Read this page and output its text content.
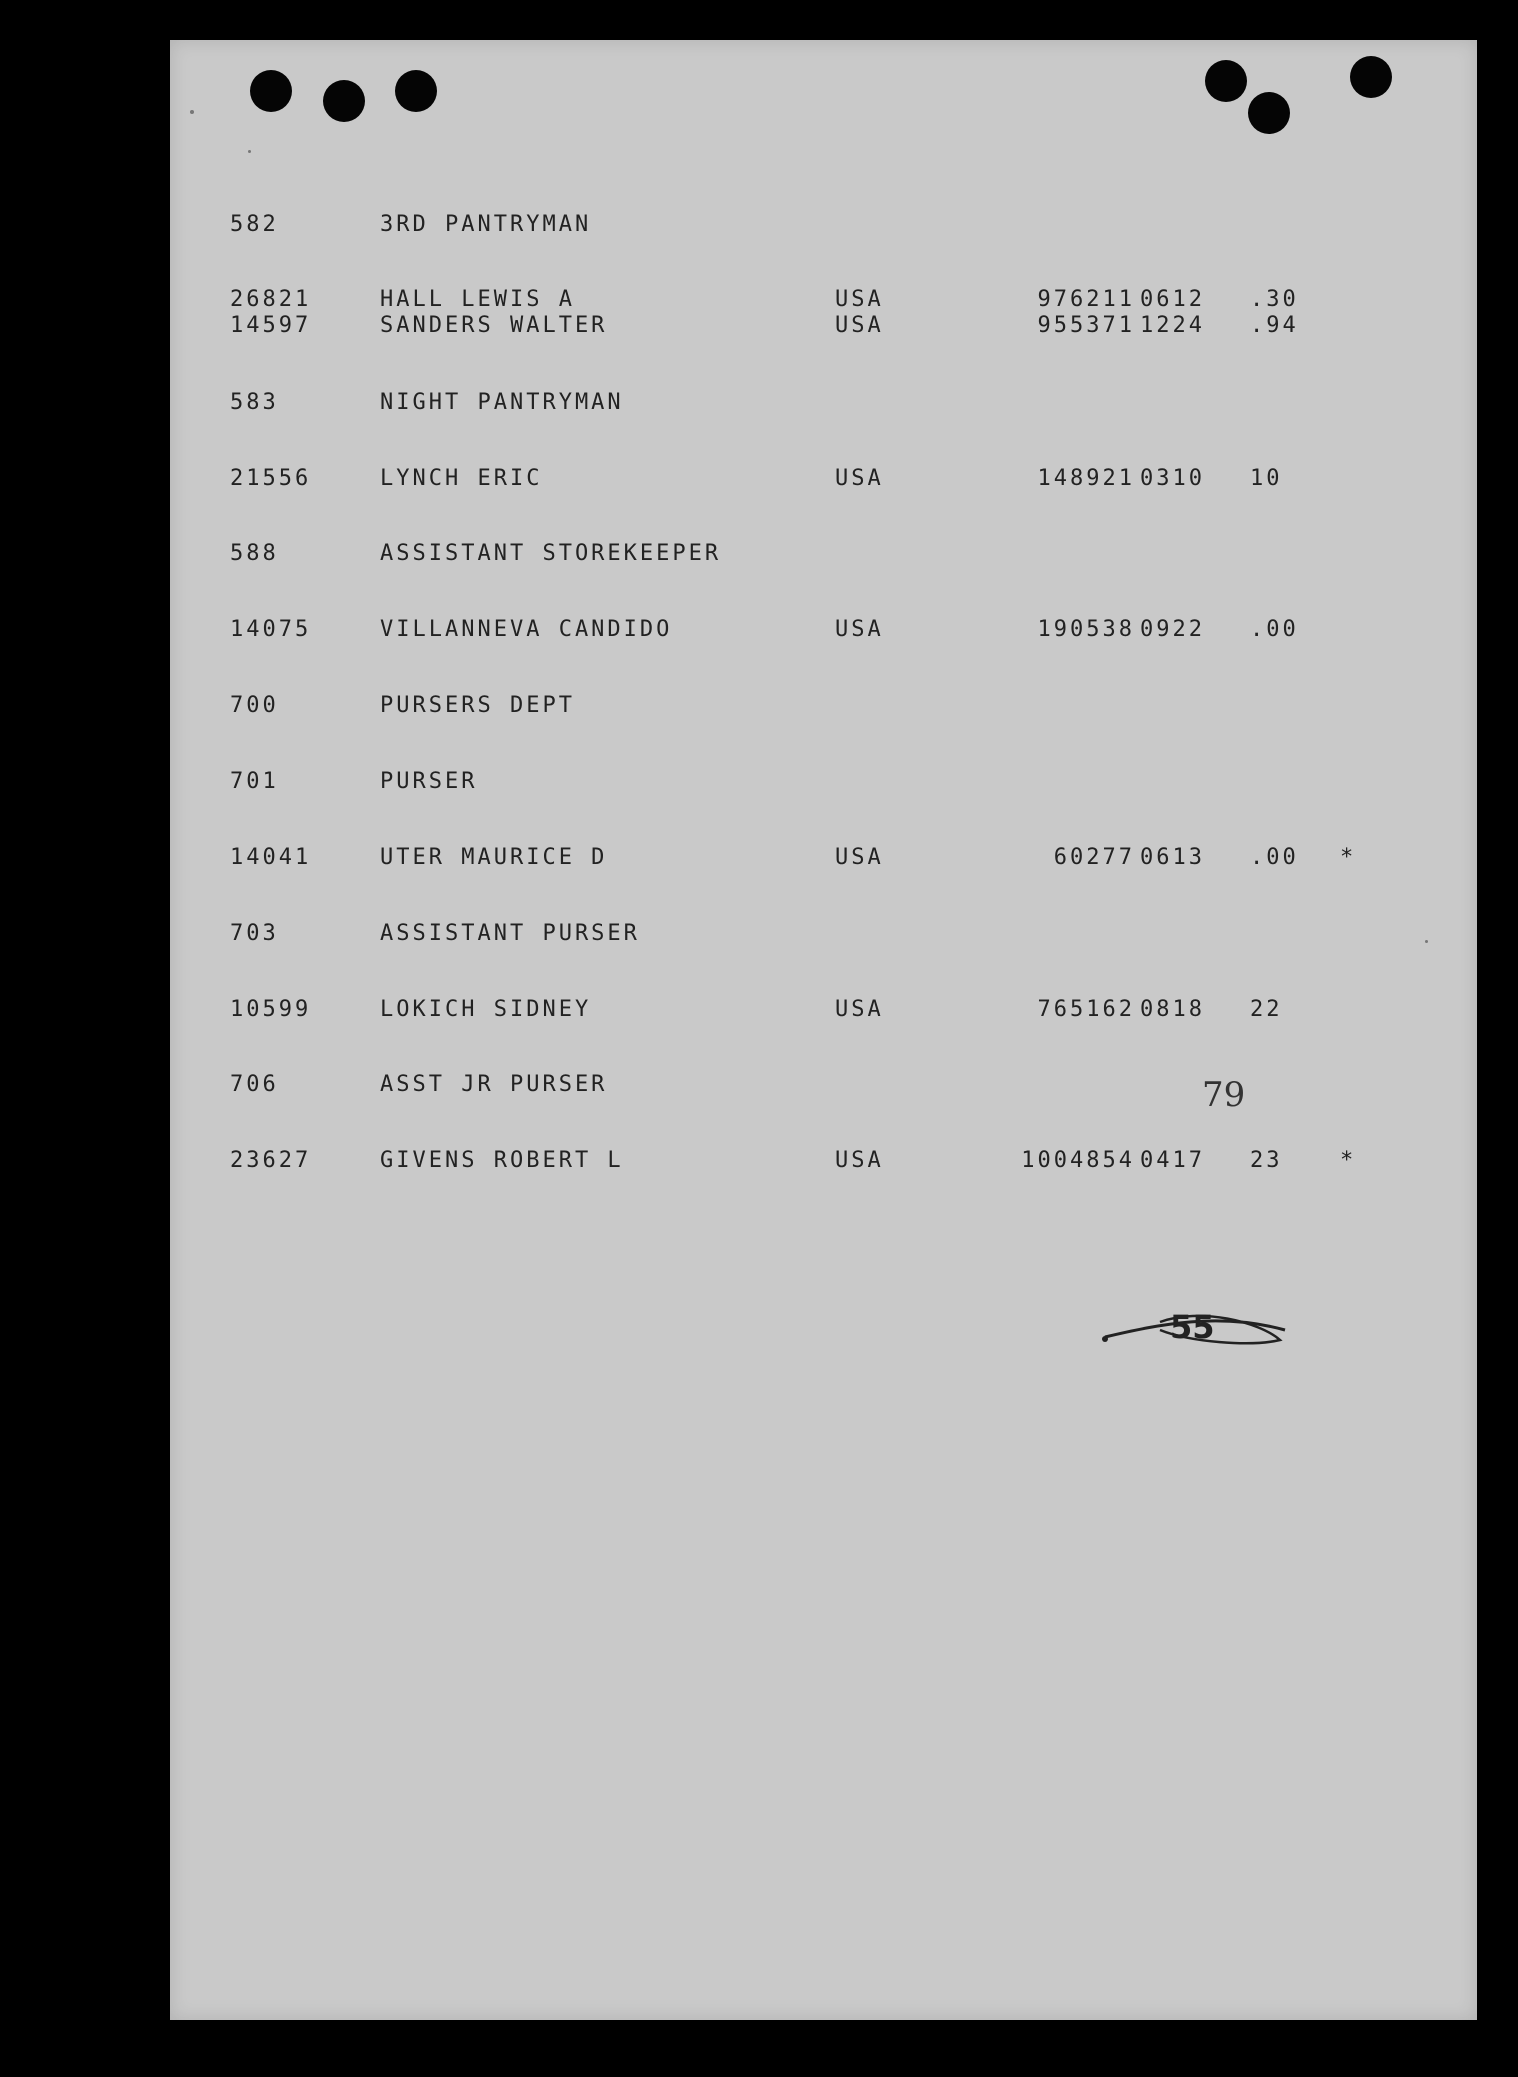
582	3RD PANTRYMAN
26821	HALL LEWIS A	USA	976211 0612 .30
14597	SANDERS WALTER	USA	955371 1224 .94
583	NIGHT PANTRYMAN
21556	LYNCH ERIC	USA	148921 0310 10
588	ASSISTANT STOREKEEPER
14075	VILLANNEVA CANDIDO	USA	190538 0922 .00
700	PURSERS DEPT
701	PURSER
14041	UTER MAURICE D	USA	60277 0613 .00 *
703	ASSISTANT PURSER
10599	LOKICH SIDNEY	USA	765162 0818 22
706	ASST JR PURSER
23627	GIVENS ROBERT L	USA	1004854 0417 23	*
79
55
